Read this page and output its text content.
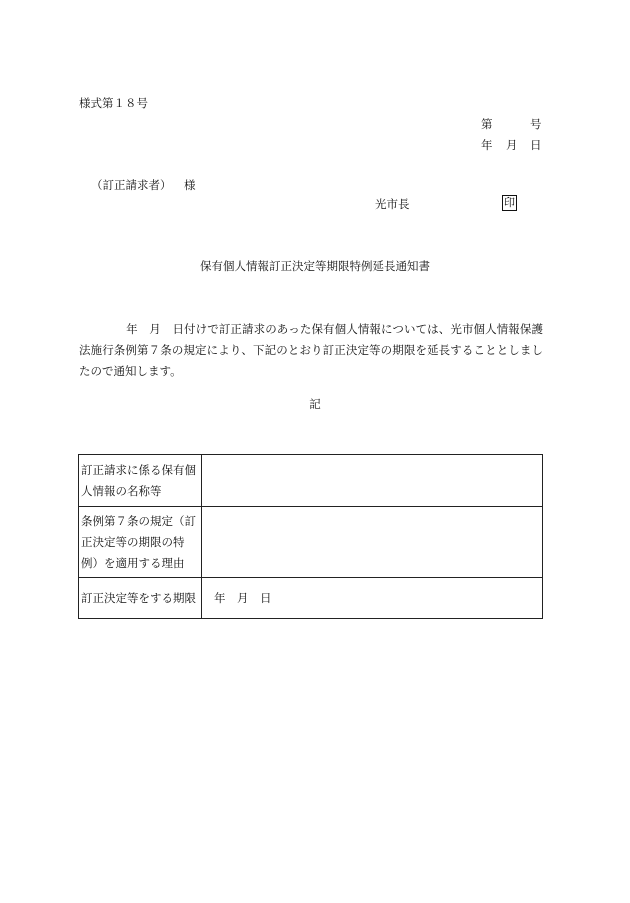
様式第１８号
第	号
年 月 日
（訂正請求者） 様
光市長	印
保有個人情報訂正決定等期限特例延長通知書
年　月　日付けで訂正請求のあった保有個人情報については、光市個人情報保護法施行条例第７条の規定により、下記のとおり訂正決定等の期限を延長することとしましたので通知します。
記
訂正請求に係る保有個人情報の名称等	
条例第７条の規定（訂正決定等の期限の特例）を適用する理由	
訂正決定等をする期限	年　月　日
